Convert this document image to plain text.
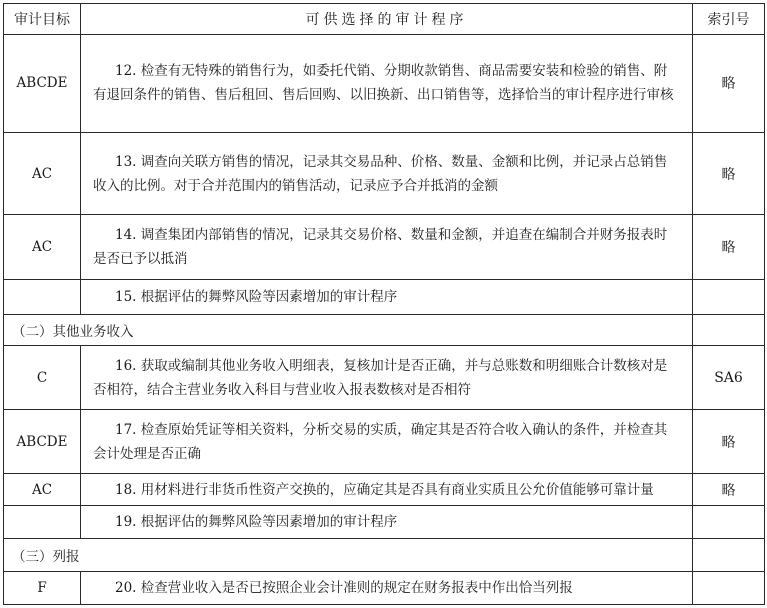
审计目标	可供选择的审计程序	索引号
ABCDE	12. 检查有无特殊的销售行为，如委托代销、分期收款销售、商品需要安装和检验的销售、附有退回条件的销售、售后租回、售后回购、以旧换新、出口销售等，选择恰当的审计程序进行审核	略
AC	13. 调查向关联方销售的情况，记录其交易品种、价格、数量、金额和比例，并记录占总销售收入的比例。对于合并范围内的销售活动，记录应予合并抵消的金额	略
AC	14. 调查集团内部销售的情况，记录其交易价格、数量和金额，并追查在编制合并财务报表时是否已予以抵消	略
	15. 根据评估的舞弊风险等因素增加的审计程序	
（二）其他业务收入		
C	16. 获取或编制其他业务收入明细表，复核加计是否正确，并与总账数和明细账合计数核对是否相符，结合主营业务收入科目与营业收入报表数核对是否相符	SA6
ABCDE	17. 检查原始凭证等相关资料，分析交易的实质，确定其是否符合收入确认的条件，并检查其会计处理是否正确	略
AC	18. 用材料进行非货币性资产交换的，应确定其是否具有商业实质且公允价值能够可靠计量	略
	19. 根据评估的舞弊风险等因素增加的审计程序	
（三）列报		
F	20. 检查营业收入是否已按照企业会计准则的规定在财务报表中作出恰当列报	
